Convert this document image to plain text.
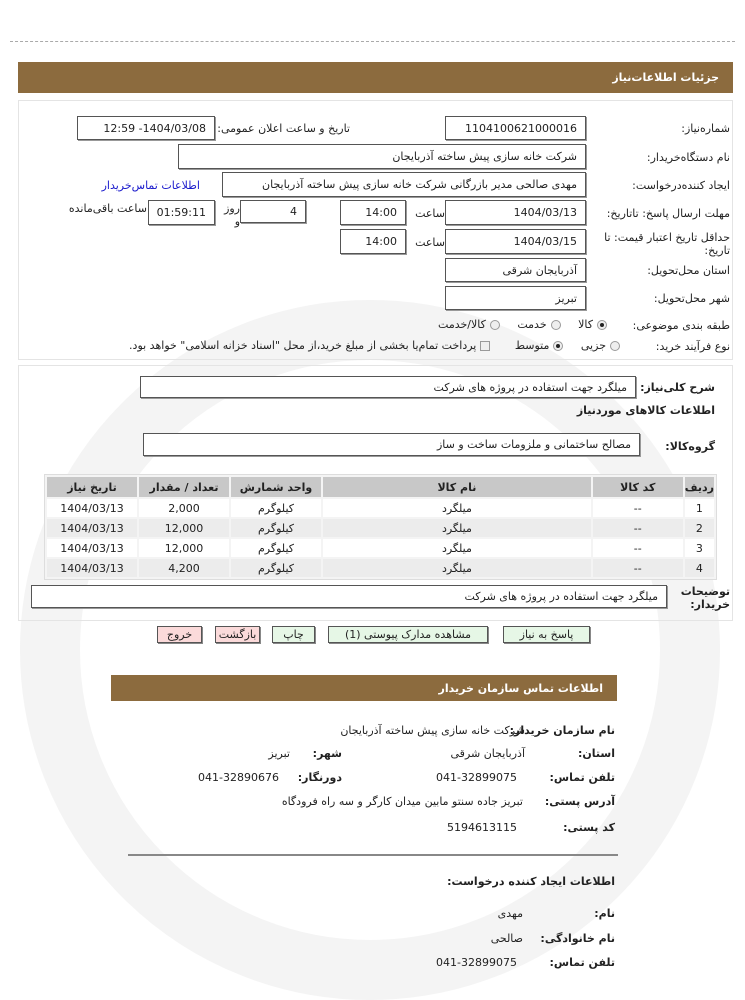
جزئیات اطلاعات‌نیاز
شماره‌نیاز:
1104100621000016
تاریخ و ساعت اعلان عمومی:
1404/03/08- 12:59
نام دستگاه‌خریدار:
شرکت خانه سازی پیش ساخته آذربایجان
ایجاد کننده‌درخواست:
مهدی صالحی مدیر بازرگانی شرکت خانه سازی پیش ساخته آذربایجان
اطلاعات تماس‌خریدار
مهلت ارسال پاسخ: تاتاریخ:
1404/03/13
ساعت
14:00
4
روز و
01:59:11
ساعت باقی‌مانده
حداقل تاریخ اعتبار قیمت: تا تاریخ:
1404/03/15
ساعت
14:00
استان محل‌تحویل:
آذربایجان شرقی
شهر محل‌تحویل:
تبریز
طبقه بندی موضوعی:
کالا     خدمت     کالا/خدمت
نوع فرآیند خرید:
جزیی     متوسط       پرداخت تمام‌یا بخشی از مبلغ خرید،از محل "اسناد خزانه اسلامی" خواهد بود.
شرح کلی‌نیاز:
میلگرد جهت استفاده در پروژه های شرکت
اطلاعات کالاهای موردنیاز
گروه‌کالا:
مصالح ساختمانی و ملزومات ساخت و ساز
ردیف	کد کالا	نام کالا	واحد شمارش	تعداد / مقدار	تاریخ نیاز
1	--	میلگرد	کیلوگرم	2,000	1404/03/13
2	--	میلگرد	کیلوگرم	12,000	1404/03/13
3	--	میلگرد	کیلوگرم	12,000	1404/03/13
4	--	میلگرد	کیلوگرم	4,200	1404/03/13
توضیحات خریدار:
میلگرد جهت استفاده در پروژه های شرکت
پاسخ به نیاز
مشاهده مدارک پیوستی (1)
چاپ
بازگشت
خروج
اطلاعات تماس سازمان خریدار
نام سازمان خریدار:
شرکت خانه سازی پیش ساخته آذربایجان
استان:
آذربایجان شرقی
شهر:
تبریز
تلفن تماس:
041-32899075
دورنگار:
041-32890676
آدرس پستی:
تبریز جاده سنتو مابین میدان کارگر و سه راه فرودگاه
کد پستی:
5194613115
اطلاعات ایجاد کننده درخواست:
نام:
مهدی
نام خانوادگی:
صالحی
تلفن تماس:
041-32899075
